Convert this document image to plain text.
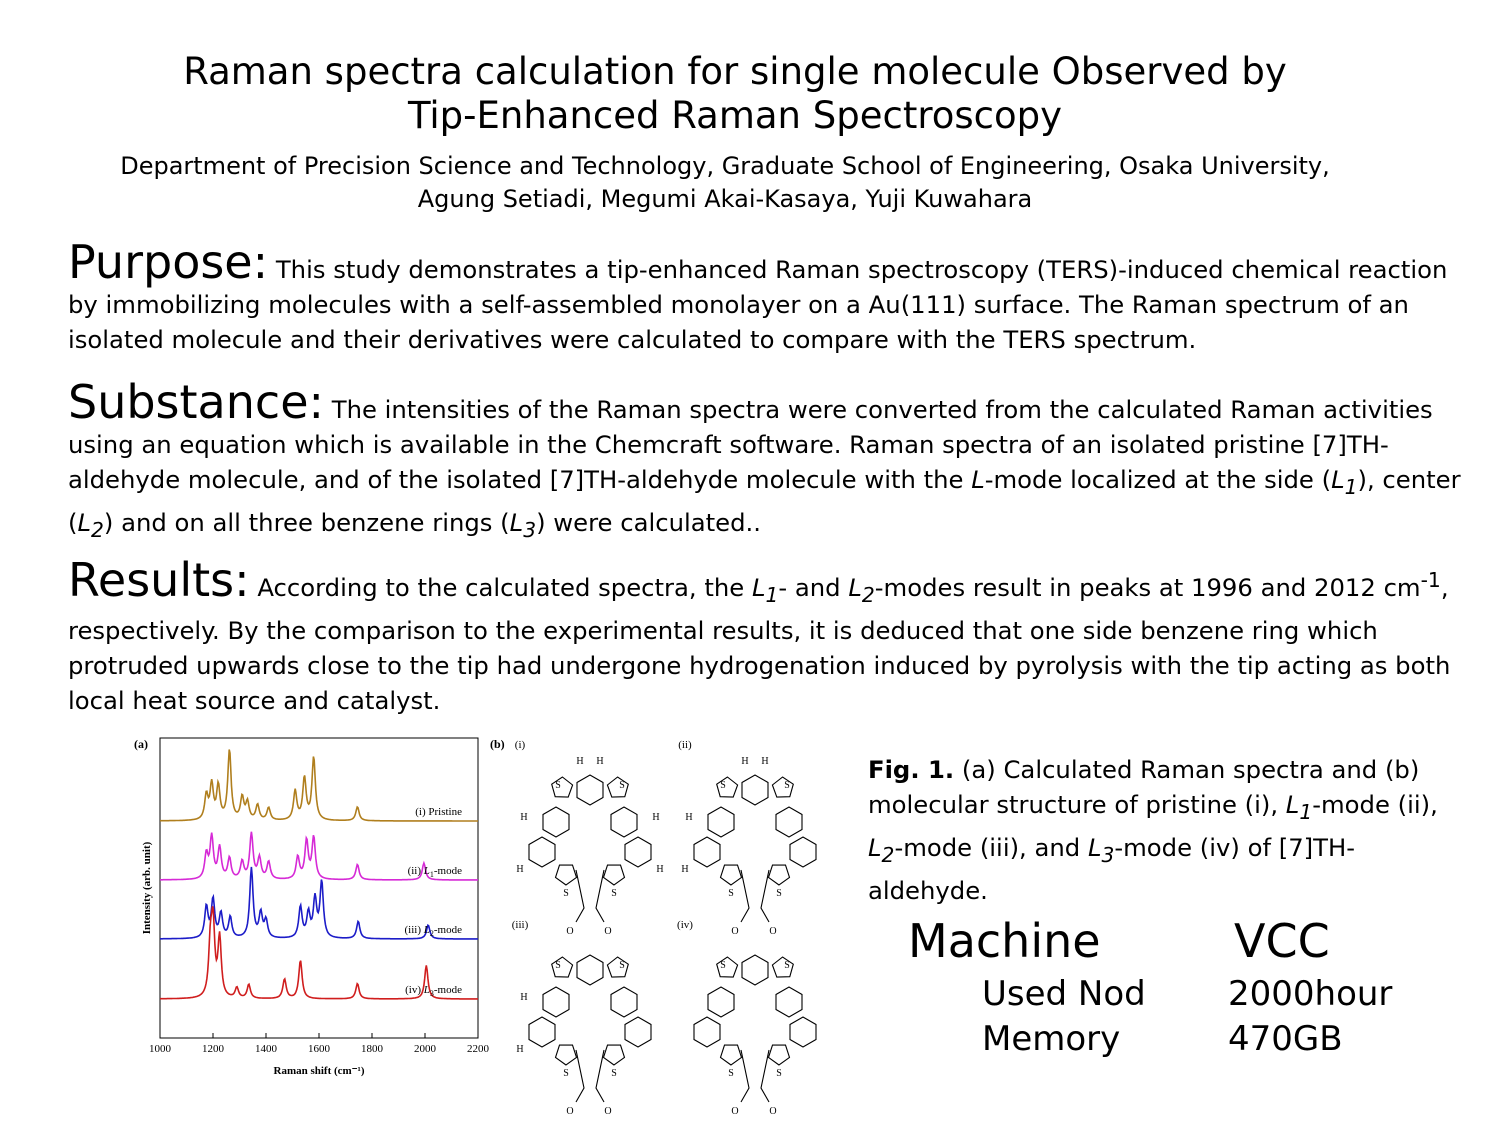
Raman spectra calculation for single molecule Observed by
Tip-Enhanced Raman Spectroscopy
Department of Precision Science and Technology, Graduate School of Engineering, Osaka University,
Agung Setiadi, Megumi Akai-Kasaya, Yuji Kuwahara

Purpose: This study demonstrates a tip-enhanced Raman spectroscopy (TERS)-induced chemical reaction by immobilizing molecules with a self-assembled monolayer on a Au(111) surface. The Raman spectrum of an isolated molecule and their derivatives were calculated to compare with the TERS spectrum.

Substance: The intensities of the Raman spectra were converted from the calculated Raman activities using an equation which is available in the Chemcraft software. Raman spectra of an isolated pristine [7]TH-aldehyde molecule, and of the isolated [7]TH-aldehyde molecule with the L-mode localized at the side $(L_1)$, center $(L_2)$ and on all three benzene rings $(L_3)$ were calculated..

Results: According to the calculated spectra, the $L_1-$ and $L_2$-modes result in peaks at 1996 and 2012 $cm^{-1}$, respectively. By the comparison to the experimental results, it is deduced that one side benzene ring which protruded upwards close to the tip had undergone hydrogenation induced by pyrolysis with the tip acting as both local heat source and catalyst.

(a)	(b)
1000	1200	1400	1600	1800	2000	2200
Raman shift (cm⁻¹)
Intensity (arb. unit)
(i) Pristine
(ii) $L_1$-mode
(iii) $L_2$-mode
(iv) $L_3$-mode
(i)
S	S
S	S
O	O
H H
H
H
H
H
(ii)
S	S
S	S
O	O
H H
H
H
(iii)
S	S
S	S
O	O
H
H
(iv)
S	S
S	S
O	O
Fig. 1. (a) Calculated Raman spectra and (b) molecular structure of pristine (i), $L_1$-mode (ii), $L_2$-mode (iii), and $L_3$-mode (iv) of [7]TH-aldehyde.
Machine	VCC
Used Nod 2000hour
Memory	470GB
